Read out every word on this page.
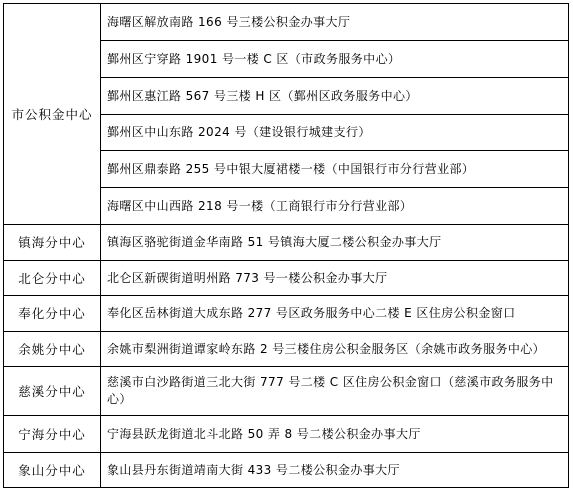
市公积金中心	海曙区解放南路 166 号三楼公积金办事大厅
	鄞州区宁穿路 1901 号一楼 C 区（市政务服务中心）
	鄞州区惠江路 567 号三楼 H 区（鄞州区政务服务中心）
	鄞州区中山东路 2024 号（建设银行城建支行）
	鄞州区鼎泰路 255 号中银大厦裙楼一楼（中国银行市分行营业部）
	海曙区中山西路 218 号一楼（工商银行市分行营业部）
镇海分中心	镇海区骆驼街道金华南路 51 号镇海大厦二楼公积金办事大厅
北仑分中心	北仑区新碶街道明州路 773 号一楼公积金办事大厅
奉化分中心	奉化区岳林街道大成东路 277 号区政务服务中心二楼 E 区住房公积金窗口
余姚分中心	余姚市梨洲街道谭家岭东路 2 号三楼住房公积金服务区（余姚市政务服务中心）
慈溪分中心	慈溪市白沙路街道三北大街 777 号二楼 C 区住房公积金窗口（慈溪市政务服务中心）
宁海分中心	宁海县跃龙街道北斗北路 50 弄 8 号二楼公积金办事大厅
象山分中心	象山县丹东街道靖南大街 433 号二楼公积金办事大厅
